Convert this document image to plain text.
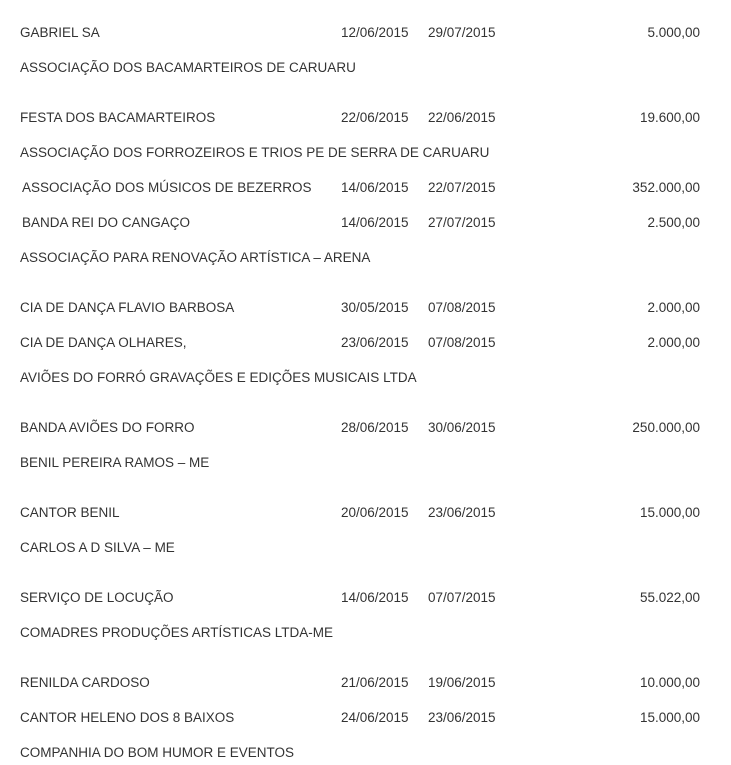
GABRIEL SA	12/06/2015 29/07/2015	5.000,00
ASSOCIAÇÃO DOS BACAMARTEIROS DE CARUARU
FESTA DOS BACAMARTEIROS	22/06/2015 22/06/2015	19.600,00
ASSOCIAÇÃO DOS FORROZEIROS E TRIOS PE DE SERRA DE CARUARU
ASSOCIAÇÃO DOS MÚSICOS DE BEZERROS 14/06/2015 22/07/2015	352.000,00
BANDA REI DO CANGAÇO	14/06/2015 27/07/2015	2.500,00
ASSOCIAÇÃO PARA RENOVAÇÃO ARTÍSTICA – ARENA
CIA DE DANÇA FLAVIO BARBOSA	30/05/2015 07/08/2015	2.000,00
CIA DE DANÇA OLHARES,	23/06/2015 07/08/2015	2.000,00
AVIÕES DO FORRÓ GRAVAÇÕES E EDIÇÕES MUSICAIS LTDA
BANDA AVIÕES DO FORRO	28/06/2015 30/06/2015	250.000,00
BENIL PEREIRA RAMOS – ME
CANTOR BENIL	20/06/2015 23/06/2015	15.000,00
CARLOS A D SILVA – ME
SERVIÇO DE LOCUÇÃO	14/06/2015 07/07/2015	55.022,00
COMADRES PRODUÇÕES ARTÍSTICAS LTDA-ME
RENILDA CARDOSO	21/06/2015 19/06/2015	10.000,00
CANTOR HELENO DOS 8 BAIXOS	24/06/2015 23/06/2015	15.000,00
COMPANHIA DO BOM HUMOR E EVENTOS
